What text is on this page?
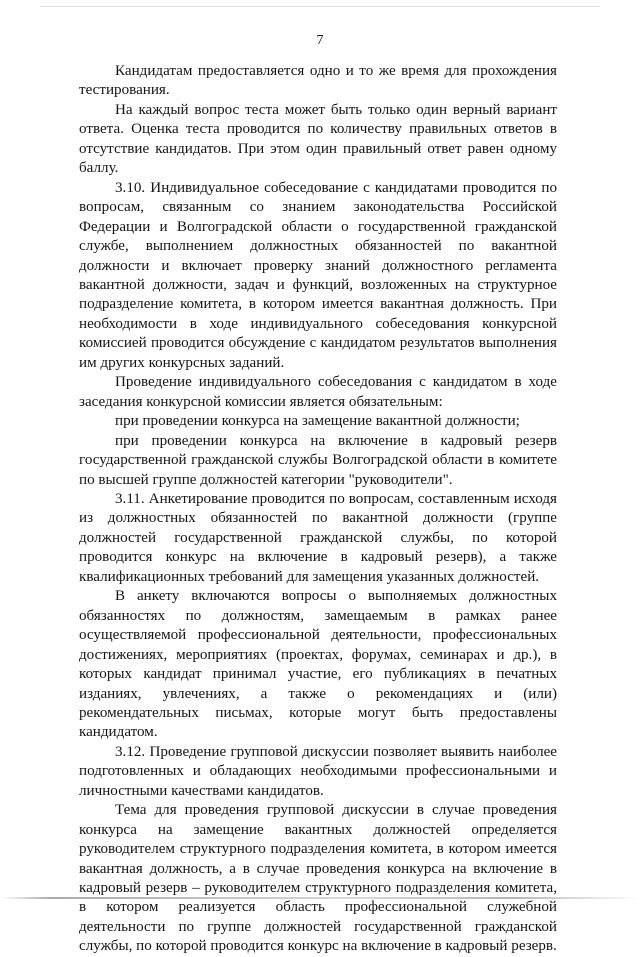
7

Кандидатам предоставляется одно и то же время для прохождения тестирования.

На каждый вопрос теста может быть только один верный вариант ответа. Оценка теста проводится по количеству правильных ответов в отсутствие кандидатов. При этом один правильный ответ равен одному баллу.

3.10. Индивидуальное собеседование с кандидатами проводится по вопросам, связанным со знанием законодательства Российской Федерации и Волгоградской области о государственной гражданской службе, выполнением должностных обязанностей по вакантной должности и включает проверку знаний должностного регламента вакантной должности, задач и функций, возложенных на структурное подразделение комитета, в котором имеется вакантная должность. При необходимости в ходе индивидуального собеседования конкурсной комиссией проводится обсуждение с кандидатом результатов выполнения им других конкурсных заданий.

Проведение индивидуального собеседования с кандидатом в ходе заседания конкурсной комиссии является обязательным:

при проведении конкурса на замещение вакантной должности;

при проведении конкурса на включение в кадровый резерв государственной гражданской службы Волгоградской области в комитете по высшей группе должностей категории "руководители".

3.11. Анкетирование проводится по вопросам, составленным исходя из должностных обязанностей по вакантной должности (группе должностей государственной гражданской службы, по которой проводится конкурс на включение в кадровый резерв), а также квалификационных требований для замещения указанных должностей.

В анкету включаются вопросы о выполняемых должностных обязанностях по должностям, замещаемым в рамках ранее осуществляемой профессиональной деятельности, профессиональных достижениях, мероприятиях (проектах, форумах, семинарах и др.), в которых кандидат принимал участие, его публикациях в печатных изданиях, увлечениях, а также о рекомендациях и (или) рекомендательных письмах, которые могут быть предоставлены кандидатом.

3.12. Проведение групповой дискуссии позволяет выявить наиболее подготовленных и обладающих необходимыми профессиональными и личностными качествами кандидатов.

Тема для проведения групповой дискуссии в случае проведения конкурса на замещение вакантных должностей определяется руководителем структурного подразделения комитета, в котором имеется вакантная должность, а в случае проведения конкурса на включение в кадровый резерв – руководителем структурного подразделения комитета, в котором реализуется область профессиональной служебной деятельности по группе должностей государственной гражданской службы, по которой проводится конкурс на включение в кадровый резерв.
